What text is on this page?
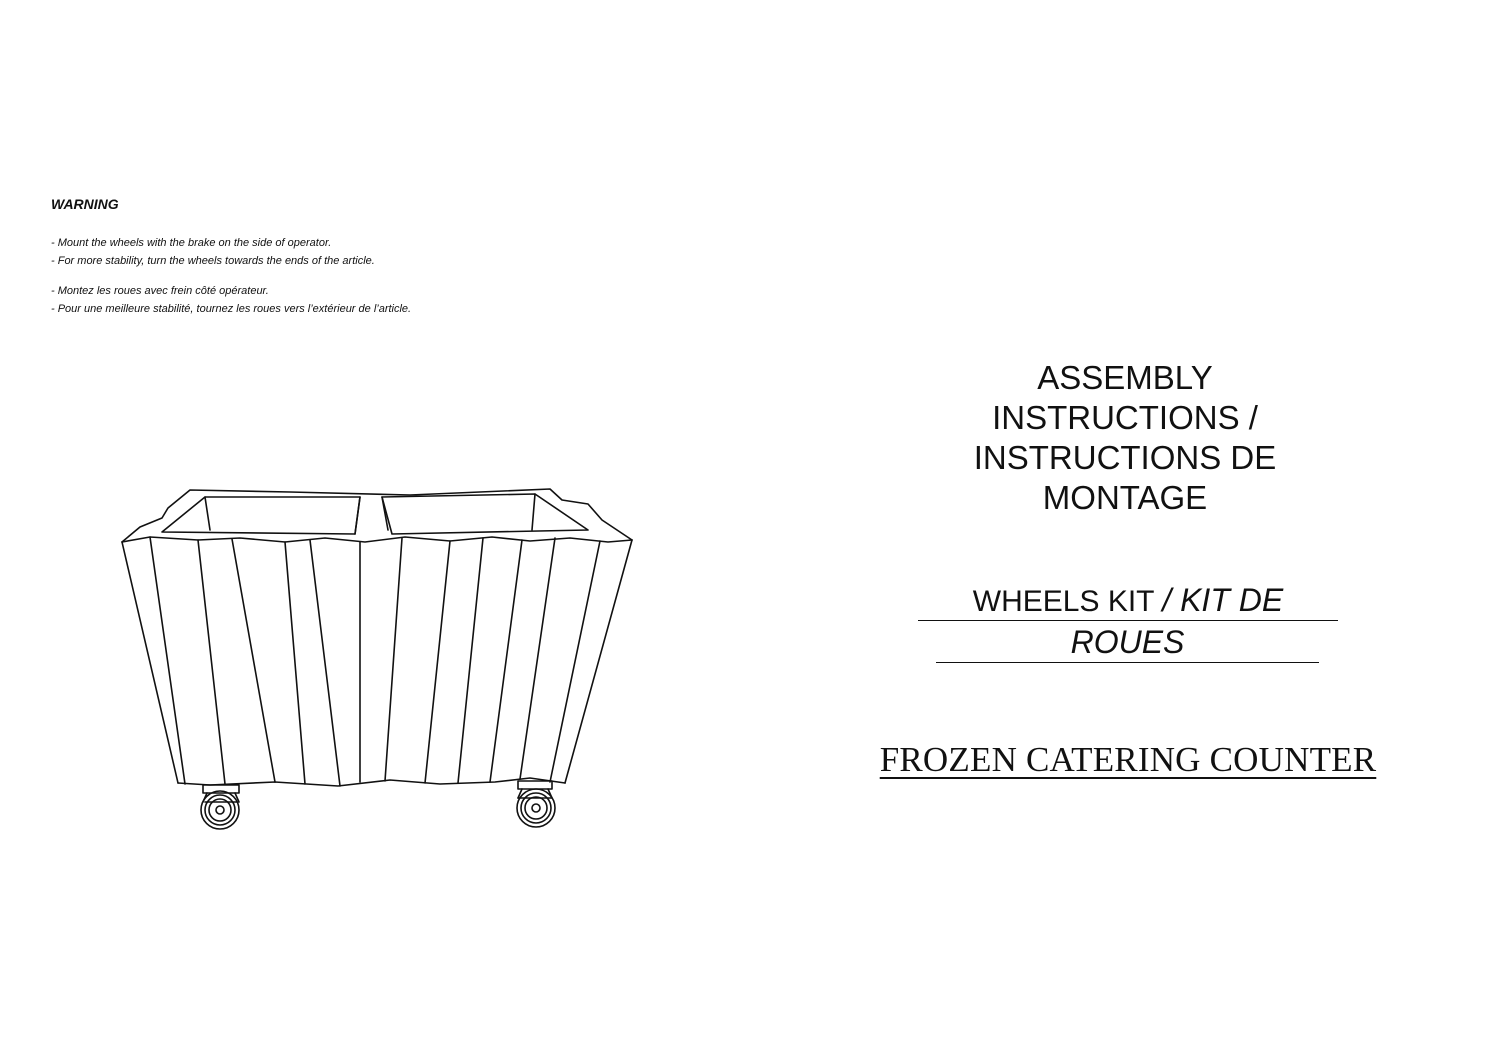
WARNING
- Mount the wheels with the brake on the side of operator.
- For more stability, turn the wheels towards the ends of the article.
- Montez les roues avec frein côté opérateur.
- Pour une meilleure stabilité, tournez les roues vers l’extérieur de l’article.
ASSEMBLY
INSTRUCTIONS /
INSTRUCTIONS DE
MONTAGE
WHEELS KIT / KIT DE
ROUES
FROZEN CATERING COUNTER
